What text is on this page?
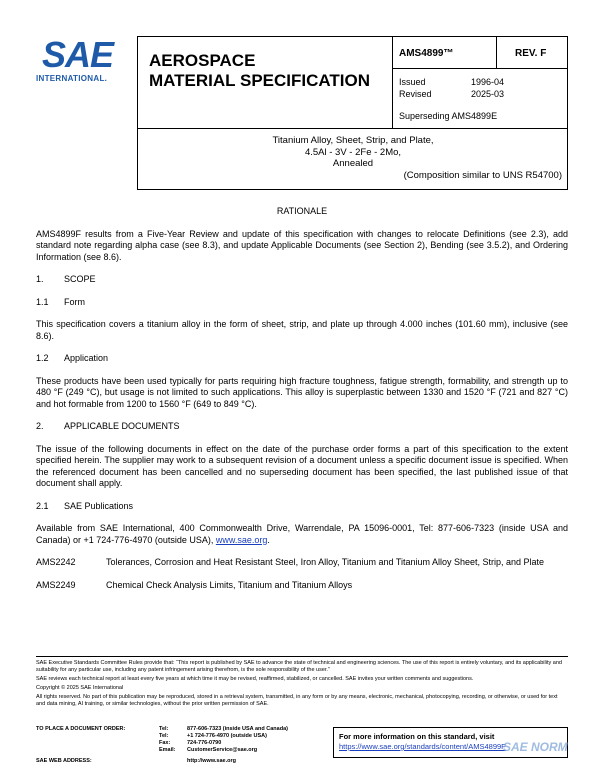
SAE
INTERNATIONAL.
AEROSPACE
MATERIAL SPECIFICATION
AMS4899™	REV. F
Issued	1996-04
Revised	2025-03
Superseding AMS4899E
Titanium Alloy, Sheet, Strip, and Plate,
4.5Al - 3V - 2Fe - 2Mo,
Annealed
(Composition similar to UNS R54700)

RATIONALE

AMS4899F results from a Five-Year Review and update of this specification with changes to relocate Definitions (see 2.3), add standard note regarding alpha case (see 8.3), and update Applicable Documents (see Section 2), Bending (see 3.5.2), and Ordering Information (see 8.6).

1.	SCOPE
1.1	Form

This specification covers a titanium alloy in the form of sheet, strip, and plate up through 4.000 inches (101.60 mm), inclusive (see 8.6).

1.2	Application

These products have been used typically for parts requiring high fracture toughness, fatigue strength, formability, and strength up to 480 °F (249 °C), but usage is not limited to such applications. This alloy is superplastic between 1330 and 1520 °F (721 and 827 °C) and hot formable from 1200 to 1560 °F (649 to 849 °C).

2.	APPLICABLE DOCUMENTS

The issue of the following documents in effect on the date of the purchase order forms a part of this specification to the extent specified herein. The supplier may work to a subsequent revision of a document unless a specific document issue is specified. When the referenced document has been cancelled and no superseding document has been specified, the last published issue of that document shall apply.

2.1	SAE Publications

Available from SAE International, 400 Commonwealth Drive, Warrendale, PA 15096-0001, Tel: 877-606-7323 (inside USA and Canada) or +1 724-776-4970 (outside USA), www.sae.org.

AMS2242	Tolerances, Corrosion and Heat Resistant Steel, Iron Alloy, Titanium and Titanium Alloy Sheet, Strip, and Plate
AMS2249	Chemical Check Analysis Limits, Titanium and Titanium Alloys

SAE Executive Standards Committee Rules provide that: “This report is published by SAE to advance the state of technical and engineering sciences. The use of this report is entirely voluntary, and its applicability and suitability for any particular use, including any patent infringement arising therefrom, is the sole responsibility of the user.”

SAE reviews each technical report at least every five years at which time it may be revised, reaffirmed, stabilized, or cancelled. SAE invites your written comments and suggestions.

Copyright © 2025 SAE International

All rights reserved. No part of this publication may be reproduced, stored in a retrieval system, transmitted, in any form or by any means, electronic, mechanical, photocopying, recording, or otherwise, or used for text and data mining, AI training, or similar technologies, without the prior written permission of SAE.

TO PLACE A DOCUMENT ORDER:	Tel:	877-606-7323 (inside USA and Canada)
Tel:	+1 724-776-4970 (outside USA)
Fax:	724-776-0790
Email:	CustomerService@sae.org
SAE WEB ADDRESS:	http://www.sae.org
For more information on this standard, visit
https://www.sae.org/standards/content/AMS4899F
SAE NORM
